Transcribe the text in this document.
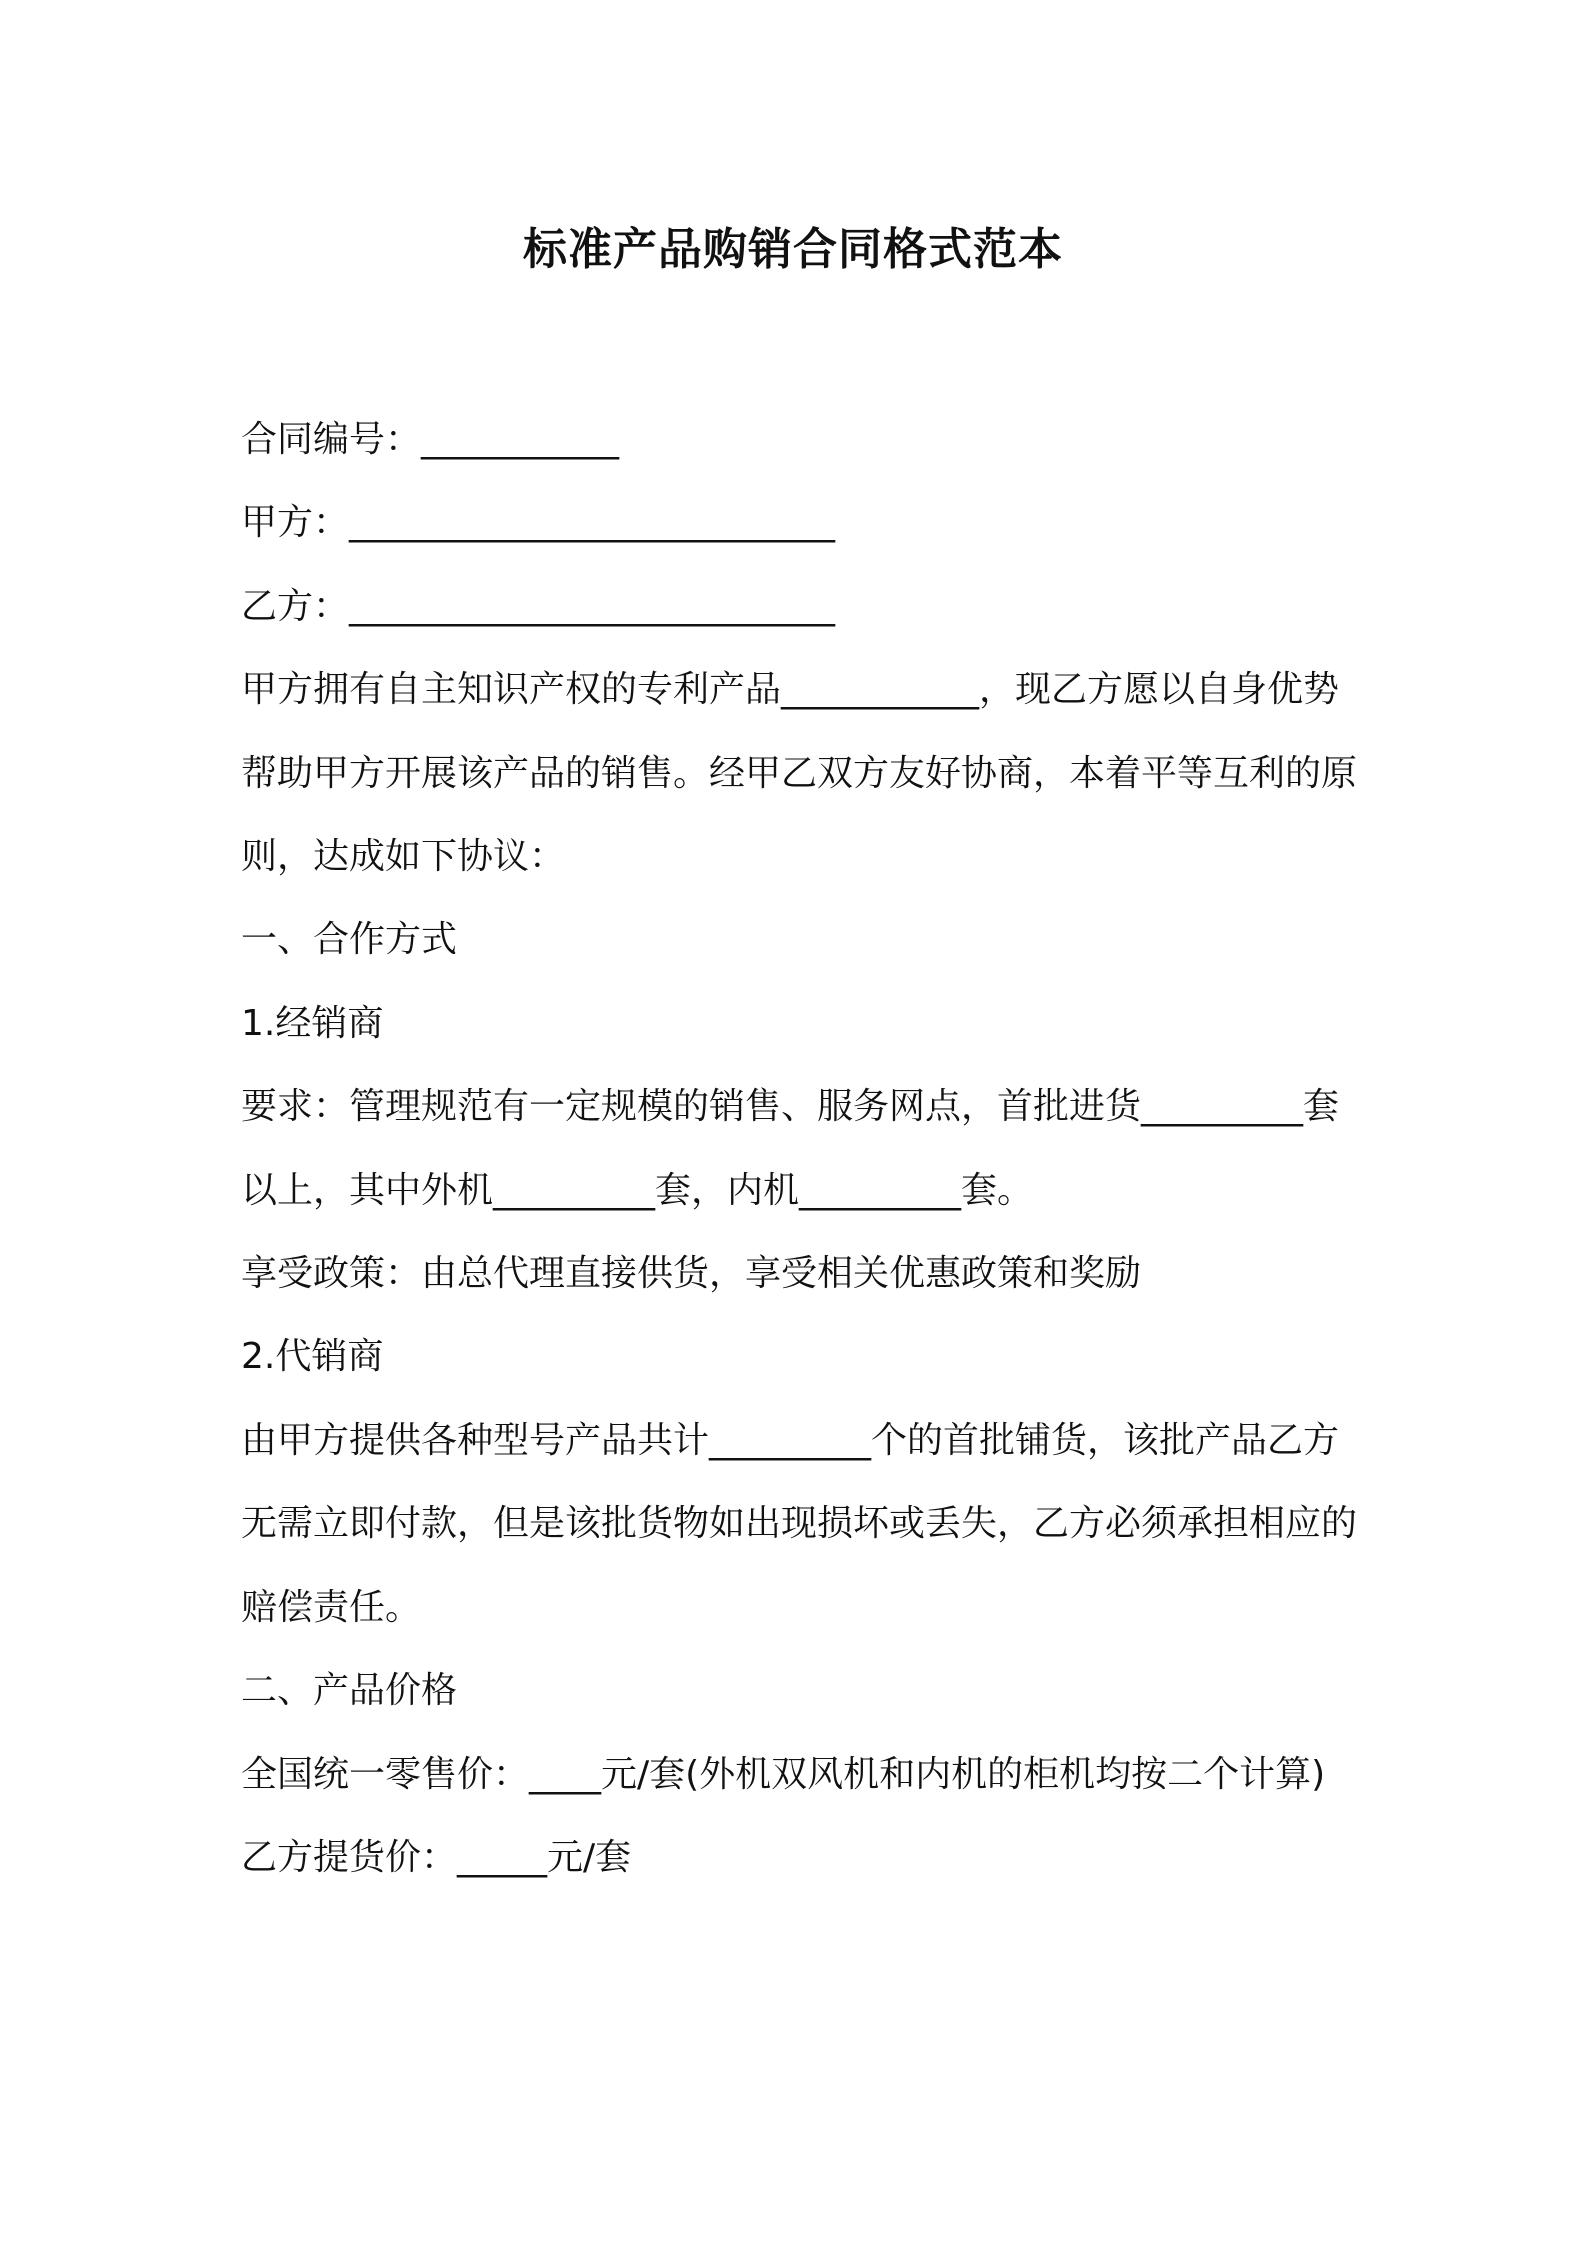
标准产品购销合同格式范本

合同编号：___________

甲方：___________________________

乙方：___________________________

甲方拥有自主知识产权的专利产品___________，现乙方愿以自身优势帮助甲方开展该产品的销售。经甲乙双方友好协商，本着平等互利的原则，达成如下协议：

一、合作方式

1.经销商

要求：管理规范有一定规模的销售、服务网点，首批进货_________套以上，其中外机_________套，内机_________套。

享受政策：由总代理直接供货，享受相关优惠政策和奖励

2.代销商

由甲方提供各种型号产品共计_________个的首批铺货，该批产品乙方无需立即付款，但是该批货物如出现损坏或丢失，乙方必须承担相应的赔偿责任。

二、产品价格

全国统一零售价：____元/套(外机双风机和内机的柜机均按二个计算)

乙方提货价：_____元/套
